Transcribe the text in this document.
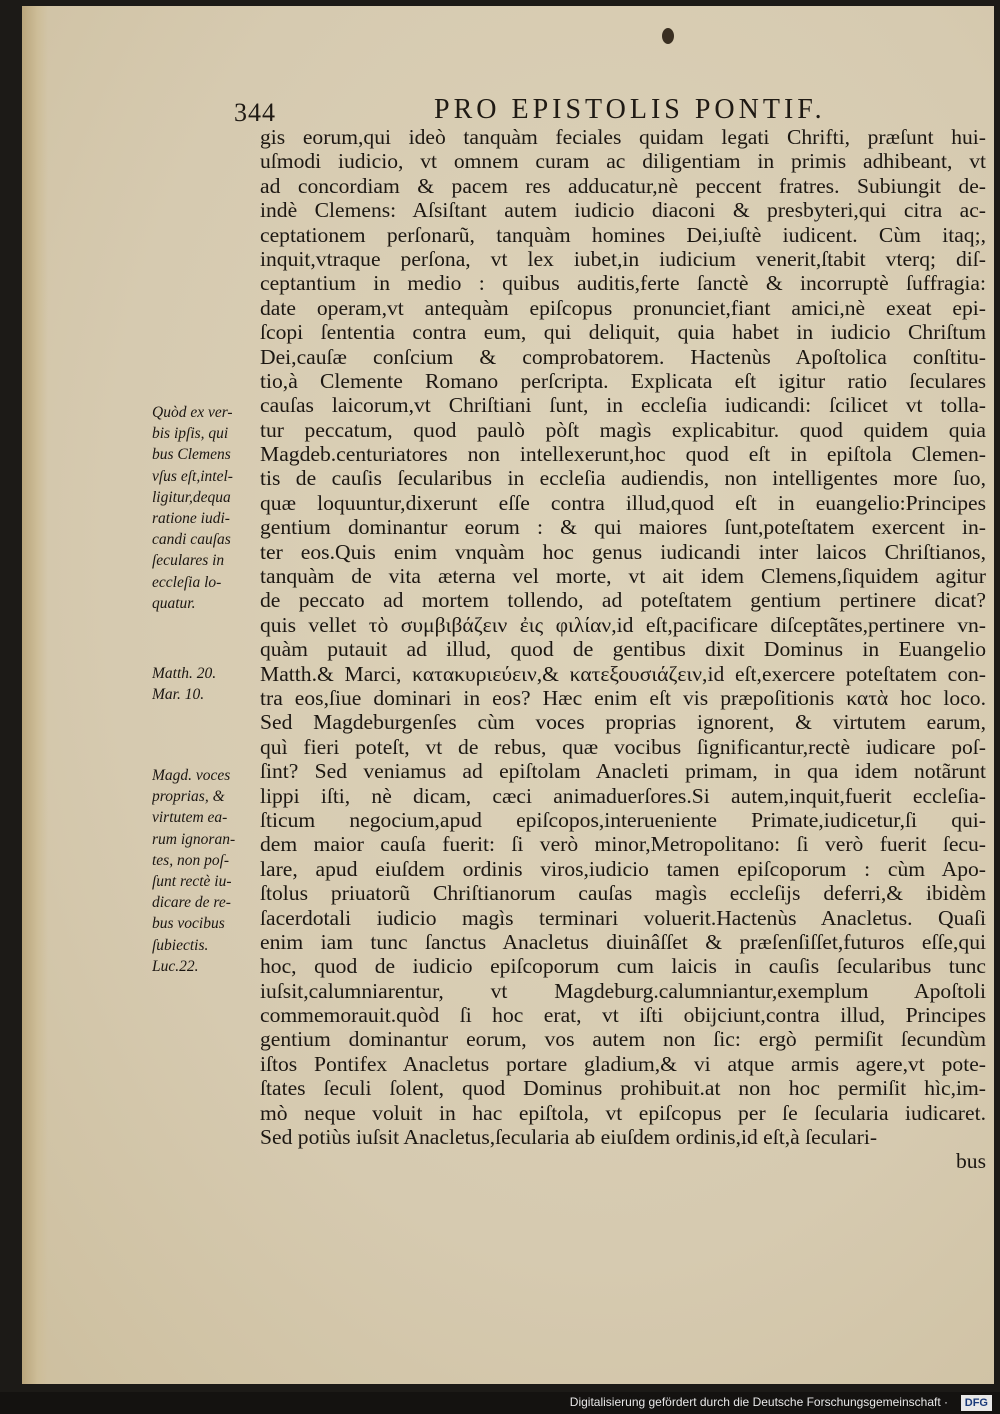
344	PRO EPISTOLIS PONTIF.
gis eorum,qui ideò tanquàm feciales quidam legati Chrifti, præſunt hui-
uſmodi iudicio, vt omnem curam ac diligentiam in primis adhibeant, vt
ad concordiam & pacem res adducatur,nè peccent fratres. Subiungit de-
indè Clemens: Aſsiſtant autem iudicio diaconi & presbyteri,qui citra ac-
ceptationem perſonarũ, tanquàm homines Dei,iuſtè iudicent. Cùm itaq;,
inquit,vtraque perſona, vt lex iubet,in iudicium venerit,ſtabit vterq; diſ-
ceptantium in medio : quibus auditis,ferte ſanctè & incorruptè ſuffragia:
date operam,vt antequàm epiſcopus pronunciet,fiant amici,nè exeat epi-
ſcopi ſententia contra eum, qui deliquit, quia habet in iudicio Chriſtum
Dei,cauſæ conſcium & comprobatorem. Hactenùs Apoſtolica conſtitu-
tio,à Clemente Romano perſcripta. Explicata eſt igitur ratio ſeculares
cauſas laicorum,vt Chriſtiani ſunt, in eccleſia iudicandi: ſcilicet vt tolla-
tur peccatum, quod paulò pòſt magìs explicabitur. quod quidem quia
Magdeb.centuriatores non intellexerunt,hoc quod eſt in epiſtola Clemen-
tis de cauſis ſecularibus in eccleſia audiendis, non intelligentes more ſuo,
quæ loquuntur,dixerunt eſſe contra illud,quod eſt in euangelio:Principes
gentium dominantur eorum : & qui maiores ſunt,poteſtatem exercent in-
ter eos.Quis enim vnquàm hoc genus iudicandi inter laicos Chriſtianos,
tanquàm de vita æterna vel morte, vt ait idem Clemens,ſiquidem agitur
de peccato ad mortem tollendo, ad poteſtatem gentium pertinere dicat?
quis vellet τὸ συμβιβάζειν ἐις φιλίαν,id eſt,pacificare diſceptãtes,pertinere vn-
quàm putauit ad illud, quod de gentibus dixit Dominus in Euangelio
Matth.& Marci, κατακυριεύειν,& κατεξουσιάζειν,id eſt,exercere poteſtatem con-
tra eos,ſiue dominari in eos? Hæc enim eſt vis præpoſitionis κατὰ hoc loco.
Sed Magdeburgenſes cùm voces proprias ignorent, & virtutem earum,
quì fieri poteſt, vt de rebus, quæ vocibus ſignificantur,rectè iudicare poſ-
ſint? Sed veniamus ad epiſtolam Anacleti primam, in qua idem notãrunt
lippi iſti, nè dicam, cæci animaduerſores.Si autem,inquit,fuerit eccleſia-
ſticum negocium,apud epiſcopos,interueniente Primate,iudicetur,ſi qui-
dem maior cauſa fuerit: ſi verò minor,Metropolitano: ſi verò fuerit ſecu-
lare, apud eiuſdem ordinis viros,iudicio tamen epiſcoporum : cùm Apo-
ſtolus priuatorũ Chriſtianorum cauſas magìs eccleſijs deferri,& ibidèm
ſacerdotali iudicio magìs terminari voluerit.Hactenùs Anacletus. Quaſi
enim iam tunc ſanctus Anacletus diuinâſſet & præſenſiſſet,futuros eſſe,qui
hoc, quod de iudicio epiſcoporum cum laicis in cauſis ſecularibus tunc
iuſsit,calumniarentur, vt Magdeburg.calumniantur,exemplum Apoſtoli
commemorauit.quòd ſi hoc erat, vt iſti obijciunt,contra illud, Principes
gentium dominantur eorum, vos autem non ſic: ergò permiſit ſecundùm
iſtos Pontifex Anacletus portare gladium,& vi atque armis agere,vt pote-
ſtates ſeculi ſolent, quod Dominus prohibuit.at non hoc permiſit hìc,im-
mò neque voluit in hac epiſtola, vt epiſcopus per ſe ſecularia iudicaret.
Sed potiùs iuſsit Anacletus,ſecularia ab eiuſdem ordinis,id eſt,à ſeculari-
bus
Quòd ex ver-
bis ipſis, qui
bus Clemens
vſus eſt,intel-
ligitur,dequa
ratione iudi-
candi cauſas
ſeculares in
eccleſia lo-
quatur.
Matth. 20.
Mar. 10.
Magd. voces
proprias, &
virtutem ea-
rum ignoran-
tes, non poſ-
ſunt rectè iu-
dicare de re-
bus vocibus
ſubiectis.
Luc.22.
Digitalisierung gefördert durch die Deutsche Forschungsgemeinschaft ·	DFG
